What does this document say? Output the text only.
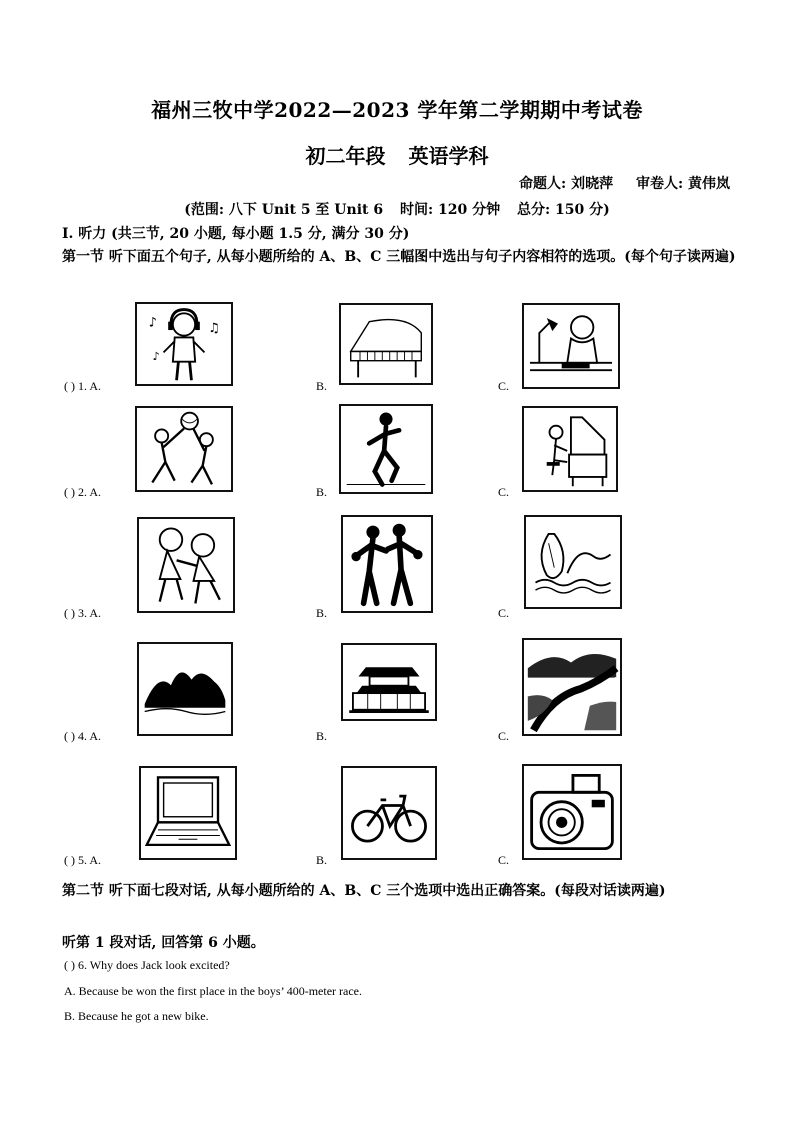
福州三牧中学2022—2023 学年第二学期期中考试卷
初二年段 英语学科
命题人: 刘晓萍 审卷人: 黄伟岚
(范围: 八下 Unit 5 至 Unit 6 时间: 120 分钟 总分: 150 分)
I. 听力 (共三节, 20 小题, 每小题 1.5 分, 满分 30 分)
第一节 听下面五个句子, 从每小题所给的 A、B、C 三幅图中选出与句子内容相符的选项。(每个句子读两遍)
♪	♫
♪
( ) 1. A.	B.	C.
( ) 2. A.	B.	C.
( ) 3. A.	B.	C.
( ) 4. A.	B.	C.
( ) 5. A.	B.	C.
第二节 听下面七段对话, 从每小题所给的 A、B、C 三个选项中选出正确答案。(每段对话读两遍)
听第 1 段对话, 回答第 6 小题。
( ) 6. Why does Jack look excited?
A. Because be won the first place in the boys’ 400-meter race.
B. Because he got a new bike.
